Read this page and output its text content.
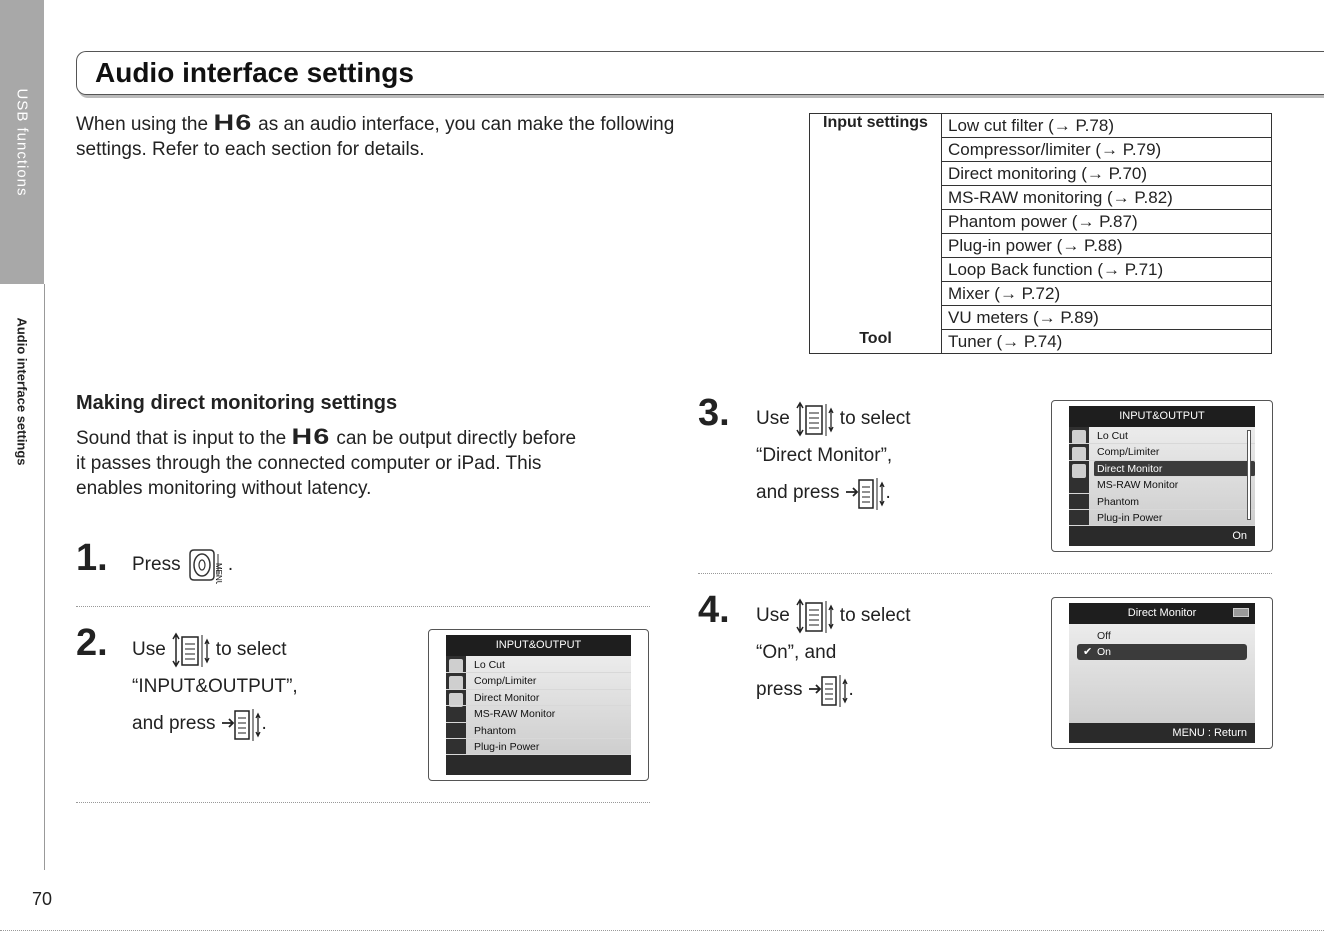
USB functions
Audio interface settings
70
Audio interface settings
When using the H6 as an audio interface, you can make the following
settings. Refer to each section for details.
Input settings	Low cut filter (→ P.78)
	Compressor/limiter (→ P.79)
	Direct monitoring (→ P.70)
	MS-RAW monitoring (→ P.82)
	Phantom power (→ P.87)
	Plug-in power (→ P.88)
	Loop Back function (→ P.71)
	Mixer (→ P.72)
	VU meters (→ P.89)
Tool	Tuner (→ P.74)
Making direct monitoring settings
Sound that is input to the H6 can be output directly before
it passes through the connected computer or iPad. This
enables monitoring without latency.
1. Press	MENU .
2. Use	to select
“INPUT&OUTPUT”,
and press .
INPUT&OUTPUT
Lo Cut
Comp/Limiter
Direct Monitor
MS-RAW Monitor
Phantom
Plug-in Power
3. Use	to select
“Direct Monitor”,
and press .
INPUT&OUTPUT
Lo Cut
Comp/Limiter
Direct Monitor
MS-RAW Monitor
Phantom
Plug-in Power
On
4. Use	to select
“On”, and
press .
Direct Monitor
Off
✔ On
MENU : Return
